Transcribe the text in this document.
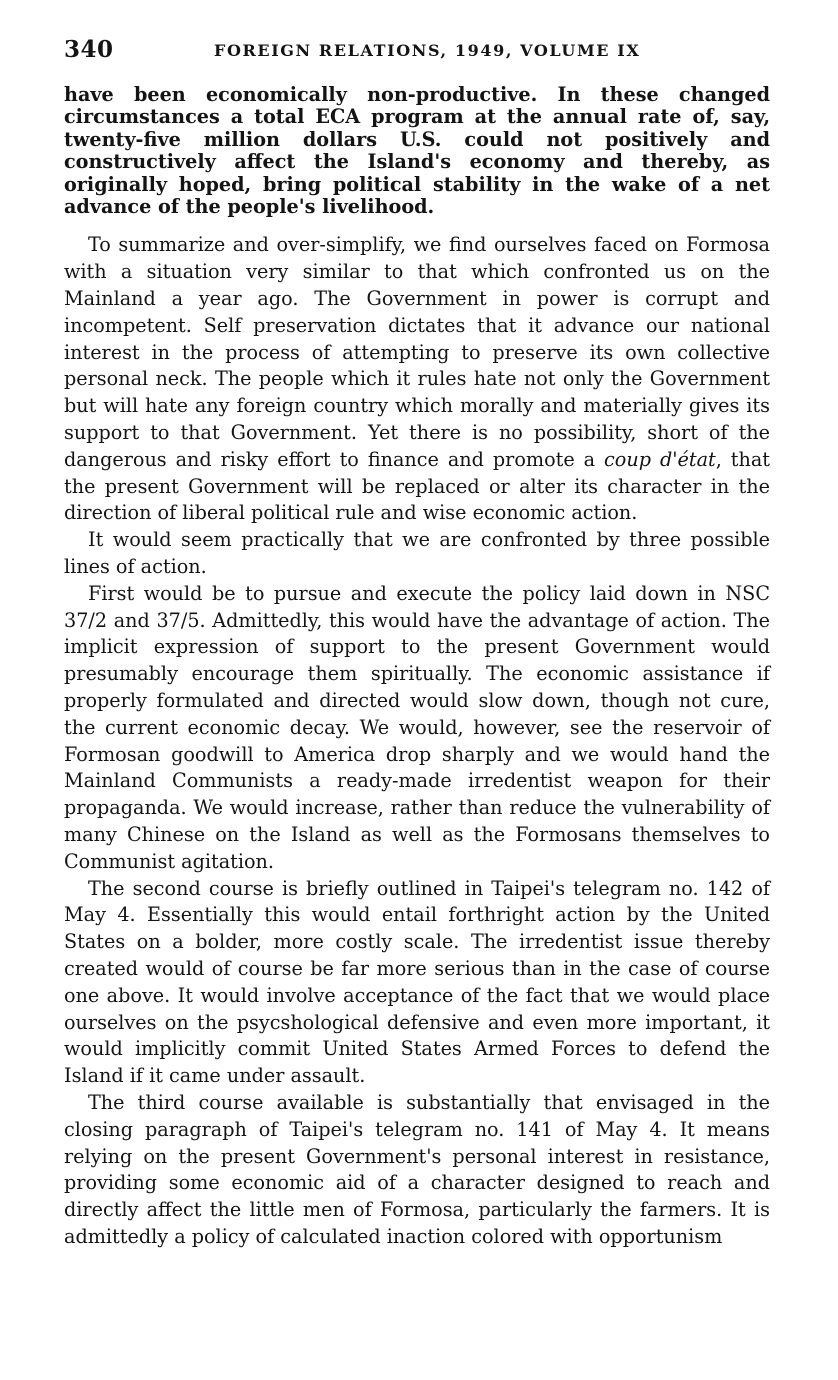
340	FOREIGN RELATIONS, 1949, VOLUME IX

have been economically non-productive. In these changed circumstances a total ECA program at the annual rate of, say, twenty-five million dollars U.S. could not positively and constructively affect the Island's economy and thereby, as originally hoped, bring political stability in the wake of a net advance of the people's livelihood.

To summarize and over-simplify, we find ourselves faced on Formosa with a situation very similar to that which confronted us on the Mainland a year ago. The Government in power is corrupt and incompetent. Self preservation dictates that it advance our national interest in the process of attempting to preserve its own collective personal neck. The people which it rules hate not only the Government but will hate any foreign country which morally and materially gives its support to that Government. Yet there is no possibility, short of the dangerous and risky effort to finance and promote a coup d'état, that the present Government will be replaced or alter its character in the direction of liberal political rule and wise economic action.

It would seem practically that we are confronted by three possible lines of action.

First would be to pursue and execute the policy laid down in NSC 37/2 and 37/5. Admittedly, this would have the advantage of action. The implicit expression of support to the present Government would presumably encourage them spiritually. The economic assistance if properly formulated and directed would slow down, though not cure, the current economic decay. We would, however, see the reservoir of Formosan goodwill to America drop sharply and we would hand the Mainland Communists a ready-made irredentist weapon for their propaganda. We would increase, rather than reduce the vulnerability of many Chinese on the Island as well as the Formosans themselves to Communist agitation.

The second course is briefly outlined in Taipei's telegram no. 142 of May 4. Essentially this would entail forthright action by the United States on a bolder, more costly scale. The irredentist issue thereby created would of course be far more serious than in the case of course one above. It would involve acceptance of the fact that we would place ourselves on the psycshological defensive and even more important, it would implicitly commit United States Armed Forces to defend the Island if it came under assault.

The third course available is substantially that envisaged in the closing paragraph of Taipei's telegram no. 141 of May 4. It means relying on the present Government's personal interest in resistance, providing some economic aid of a character designed to reach and directly affect the little men of Formosa, particularly the farmers. It is admittedly a policy of calculated inaction colored with opportunism
